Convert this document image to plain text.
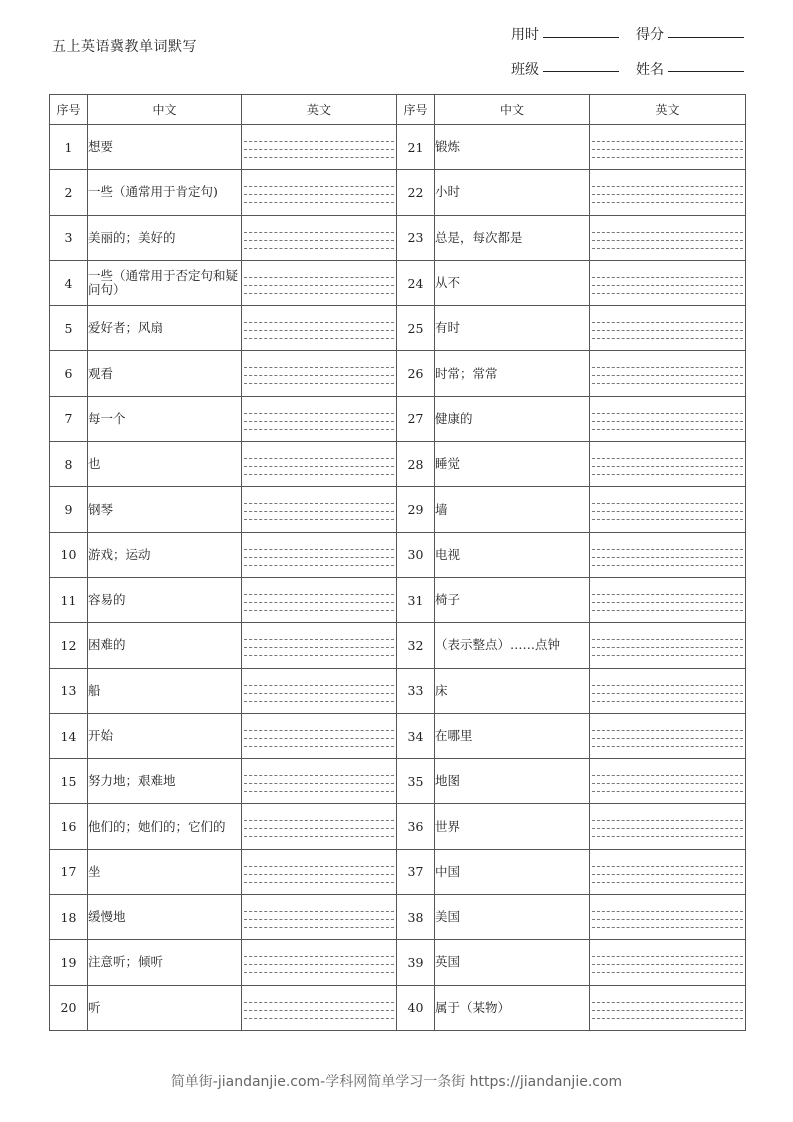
五上英语冀教单词默写
用时	得分
班级	姓名
序号	中文	英文	序号	中文	英文
1	想要		21	锻炼	

2	一些（通常用于肯定句)		22	小时	

3	美丽的；美好的		23	总是，每次都是	

4	一些（通常用于否定句和疑问句）		24	从不	

5	爱好者；风扇		25	有时	

6	观看		26	时常；常常	

7	每一个		27	健康的	

8	也		28	睡觉	

9	钢琴		29	墙	

10	游戏；运动		30	电视	

11	容易的		31	椅子	

12	困难的		32	（表示整点）……点钟	

13	船		33	床	

14	开始		34	在哪里	

15	努力地；艰难地		35	地图	

16	他们的；她们的；它们的		36	世界	

17	坐		37	中国	

18	缓慢地		38	美国	

19	注意听；倾听		39	英国	

20	听		40	属于（某物）	
简单街-jiandanjie.com-学科网简单学习一条街 https://jiandanjie.com
